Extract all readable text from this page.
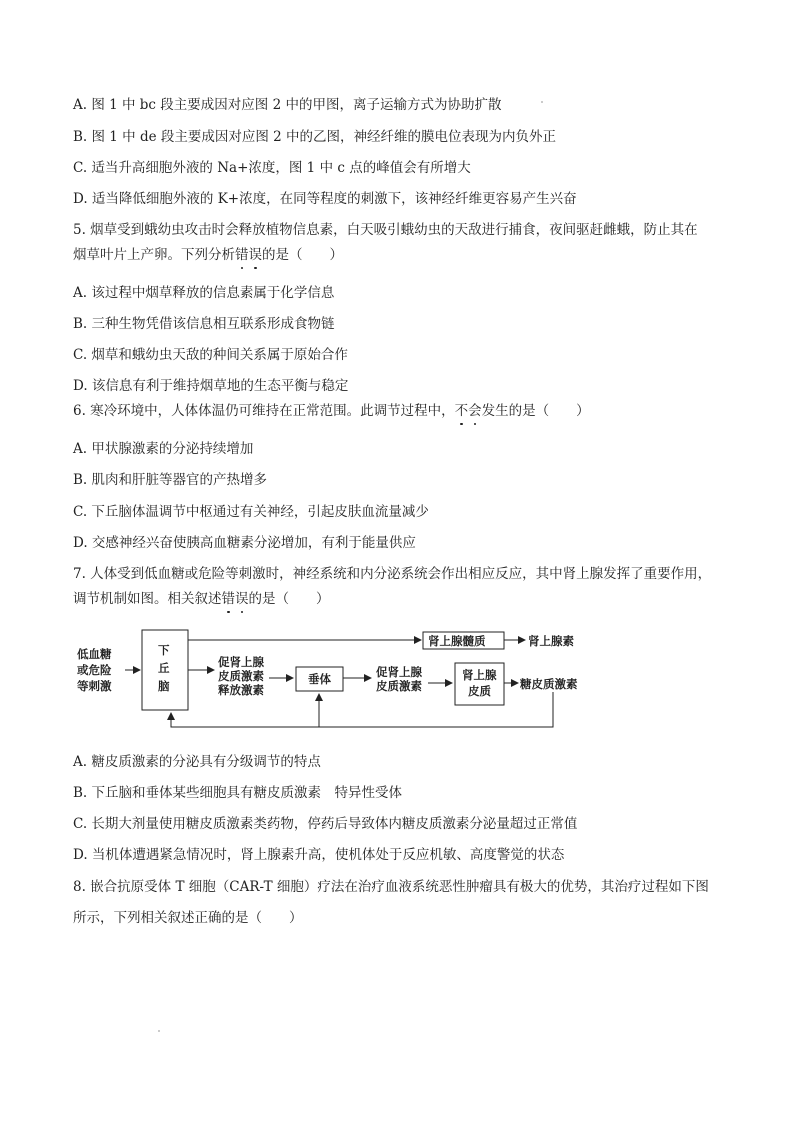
A. 图 1 中 bc 段主要成因对应图 2 中的甲图，离子运输方式为协助扩散
B. 图 1 中 de 段主要成因对应图 2 中的乙图，神经纤维的膜电位表现为内负外正
C. 适当升高细胞外液的 Na+浓度，图 1 中 c 点的峰值会有所增大
D. 适当降低细胞外液的 K+浓度，在同等程度的刺激下，该神经纤维更容易产生兴奋
5. 烟草受到蛾幼虫攻击时会释放植物信息素，白天吸引蛾幼虫的天敌进行捕食，夜间驱赶雌蛾，防止其在
烟草叶片上产卵。下列分析错误的是（　　）
A. 该过程中烟草释放的信息素属于化学信息
B. 三种生物凭借该信息相互联系形成食物链
C. 烟草和蛾幼虫天敌的种间关系属于原始合作
D. 该信息有利于维持烟草地的生态平衡与稳定
6. 寒冷环境中，人体体温仍可维持在正常范围。此调节过程中，不会发生的是（　　）
A. 甲状腺激素的分泌持续增加
B. 肌肉和肝脏等器官的产热增多
C. 下丘脑体温调节中枢通过有关神经，引起皮肤血流量减少
D. 交感神经兴奋使胰高血糖素分泌增加，有利于能量供应
7. 人体受到低血糖或危险等刺激时，神经系统和内分泌系统会作出相应反应，其中肾上腺发挥了重要作用，
调节机制如图。相关叙述错误的是（　　）
低血糖
或危险
等刺激
下
丘
脑
肾上腺髓质	肾上腺素
促肾上腺
皮质激素
释放激素
垂体	促肾上腺
皮质激素
肾上腺
皮质	糖皮质激素
A. 糖皮质激素的分泌具有分级调节的特点
B. 下丘脑和垂体某些细胞具有糖皮质激素　特异性受体
C. 长期大剂量使用糖皮质激素类药物，停药后导致体内糖皮质激素分泌量超过正常值
D. 当机体遭遇紧急情况时，肾上腺素升高，使机体处于反应机敏、高度警觉的状态
8. 嵌合抗原受体 T 细胞（CAR-T 细胞）疗法在治疗血液系统恶性肿瘤具有极大的优势，其治疗过程如下图
所示，下列相关叙述正确的是（　　）
